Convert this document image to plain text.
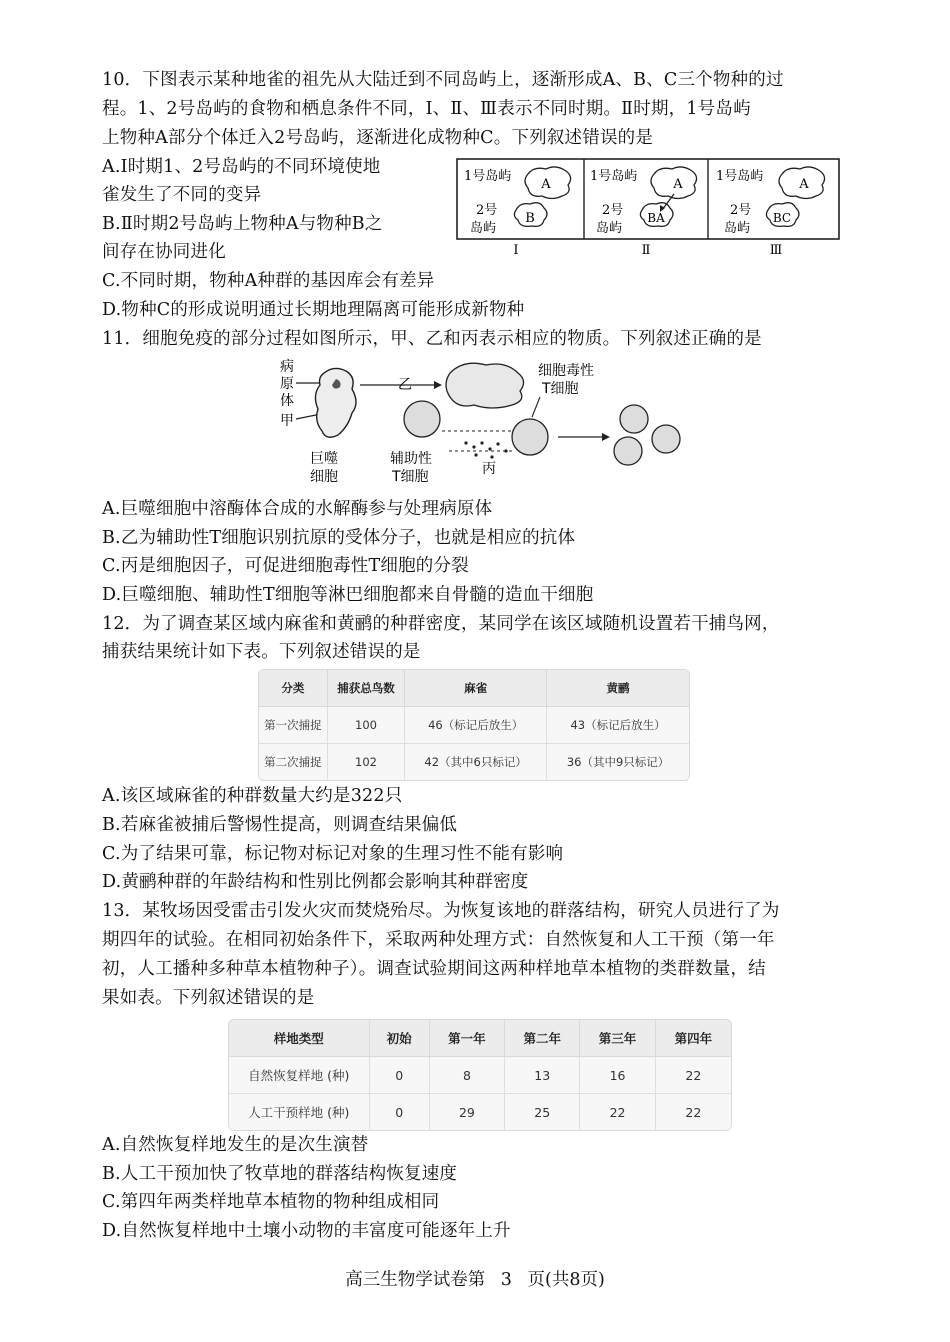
10．下图表示某种地雀的祖先从大陆迁到不同岛屿上，逐渐形成A、B、C三个物种的过
程。1、2号岛屿的食物和栖息条件不同，Ⅰ、Ⅱ、Ⅲ表示不同时期。Ⅱ时期，1号岛屿
上物种A部分个体迁入2号岛屿，逐渐进化成物种C。下列叙述错误的是
A.Ⅰ时期1、2号岛屿的不同环境使地
雀发生了不同的变异
B.Ⅱ时期2号岛屿上物种A与物种B之
间存在协同进化
C.不同时期，物种A种群的基因库会有差异
D.物种C的形成说明通过长期地理隔离可能形成新物种
1号岛屿
A
2号
岛屿
B
1号岛屿
A
2号
岛屿
BA
1号岛屿
A
2号
岛屿
BC
Ⅰ	Ⅱ	Ⅲ
11．细胞免疫的部分过程如图所示，甲、乙和丙表示相应的物质。下列叙述正确的是
病
原
体
甲
巨噬
细胞
乙
辅助性
T细胞	丙
细胞毒性
T细胞
A.巨噬细胞中溶酶体合成的水解酶参与处理病原体
B.乙为辅助性T细胞识别抗原的受体分子，也就是相应的抗体
C.丙是细胞因子，可促进细胞毒性T细胞的分裂
D.巨噬细胞、辅助性T细胞等淋巴细胞都来自骨髓的造血干细胞
12．为了调查某区域内麻雀和黄鹂的种群密度，某同学在该区域随机设置若干捕鸟网，
捕获结果统计如下表。下列叙述错误的是
分类	捕获总鸟数	麻雀	黄鹂
第一次捕捉	100	46（标记后放生）	43（标记后放生）
第二次捕捉	102	42（其中6只标记）	36（其中9只标记）
A.该区域麻雀的种群数量大约是322只
B.若麻雀被捕后警惕性提高，则调查结果偏低
C.为了结果可靠，标记物对标记对象的生理习性不能有影响
D.黄鹂种群的年龄结构和性别比例都会影响其种群密度
13．某牧场因受雷击引发火灾而焚烧殆尽。为恢复该地的群落结构，研究人员进行了为
期四年的试验。在相同初始条件下，采取两种处理方式：自然恢复和人工干预（第一年
初，人工播种多种草本植物种子）。调查试验期间这两种样地草本植物的类群数量，结
果如表。下列叙述错误的是
样地类型	初始	第一年	第二年	第三年	第四年
自然恢复样地 (种)	0	8	13	16	22
人工干预样地 (种)	0	29	25	22	22
A.自然恢复样地发生的是次生演替
B.人工干预加快了牧草地的群落结构恢复速度
C.第四年两类样地草本植物的物种组成相同
D.自然恢复样地中土壤小动物的丰富度可能逐年上升
高三生物学试卷第 3 页(共8页)
